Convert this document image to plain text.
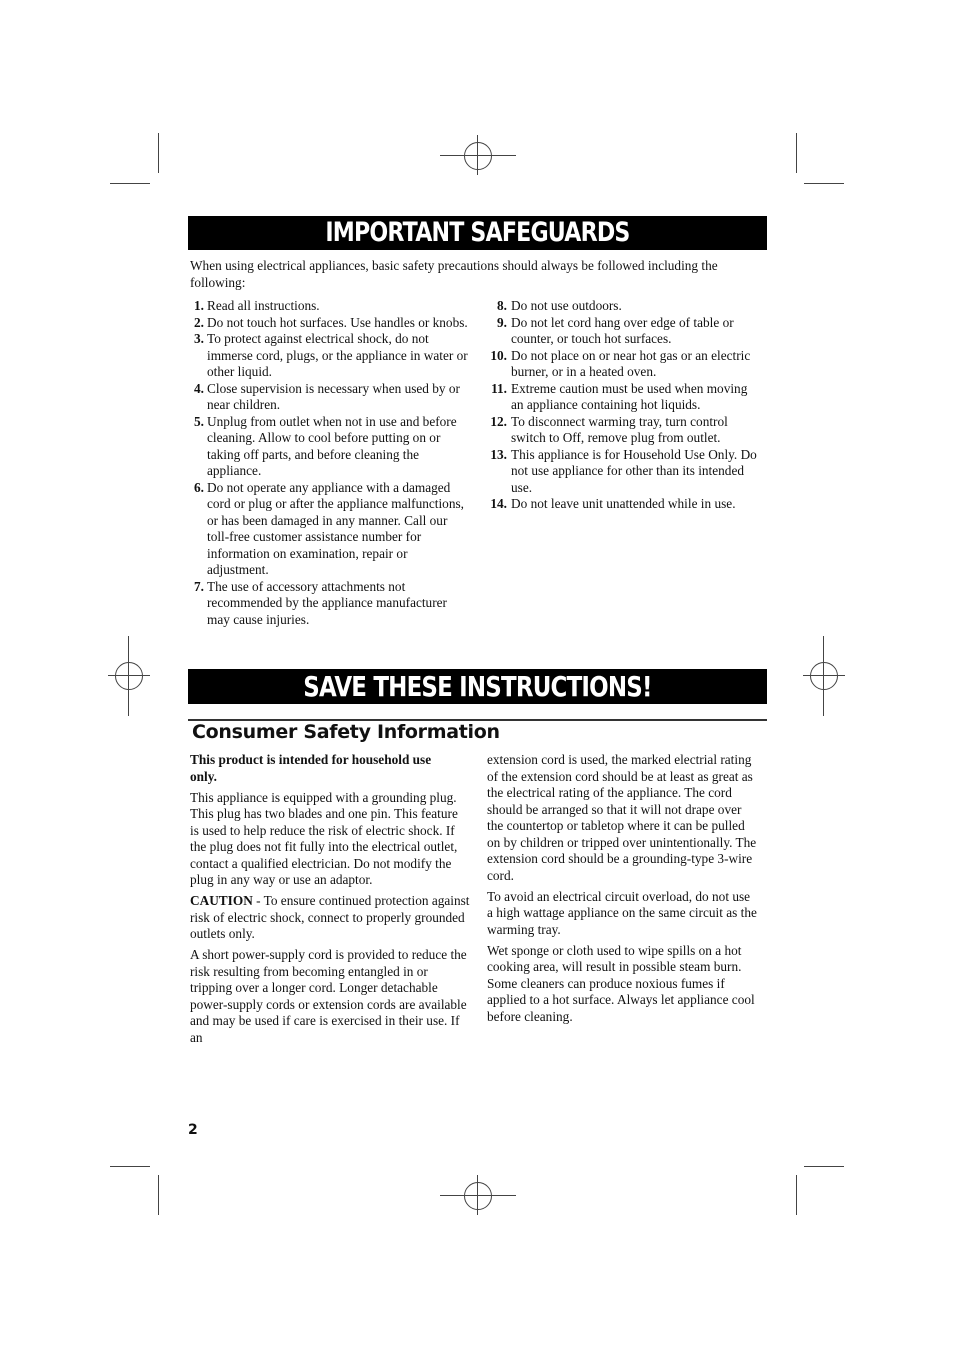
IMPORTANT SAFEGUARDS
When using electrical appliances, basic safety precautions should always be followed including the following:
1. Read all instructions.
2. Do not touch hot surfaces. Use handles or knobs.
3. To protect against electrical shock, do not immerse cord, plugs, or the appliance in water or other liquid.
4. Close supervision is necessary when used by or near children.
5. Unplug from outlet when not in use and before cleaning. Allow to cool before putting on or taking off parts, and before cleaning the appliance.
6. Do not operate any appliance with a damaged cord or plug or after the appliance malfunctions, or has been damaged in any manner. Call our toll-free customer assistance number for information on examination, repair or adjustment.
7. The use of accessory attachments not recommended by the appliance manufacturer may cause injuries.
8. Do not use outdoors.
9. Do not let cord hang over edge of table or counter, or touch hot surfaces.
10. Do not place on or near hot gas or an electric burner, or in a heated oven.
11. Extreme caution must be used when moving an appliance containing hot liquids.
12. To disconnect warming tray, turn control switch to Off, remove plug from outlet.
13. This appliance is for Household Use Only. Do not use appliance for other than its intended use.
14. Do not leave unit unattended while in use.
SAVE THESE INSTRUCTIONS!
Consumer Safety Information

This product is intended for household use only.

This appliance is equipped with a grounding plug. This plug has two blades and one pin. This feature is used to help reduce the risk of electric shock. If the plug does not fit fully into the electrical outlet, contact a qualified electrician. Do not modify the plug in any way or use an adaptor.

CAUTION - To ensure continued protection against risk of electric shock, connect to properly grounded outlets only.

A short power-supply cord is provided to reduce the risk resulting from becoming entangled in or tripping over a longer cord. Longer detachable power-supply cords or extension cords are available and may be used if care is exercised in their use. If an

extension cord is used, the marked electrial rating of the extension cord should be at least as great as the electrical rating of the appliance. The cord should be arranged so that it will not drape over the countertop or tabletop where it can be pulled on by children or tripped over unintentionally. The extension cord should be a grounding-type 3-wire cord.

To avoid an electrical circuit overload, do not use a high wattage appliance on the same circuit as the warming tray.

Wet sponge or cloth used to wipe spills on a hot cooking area, will result in possible steam burn. Some cleaners can produce noxious fumes if applied to a hot surface. Always let appliance cool before cleaning.

2
